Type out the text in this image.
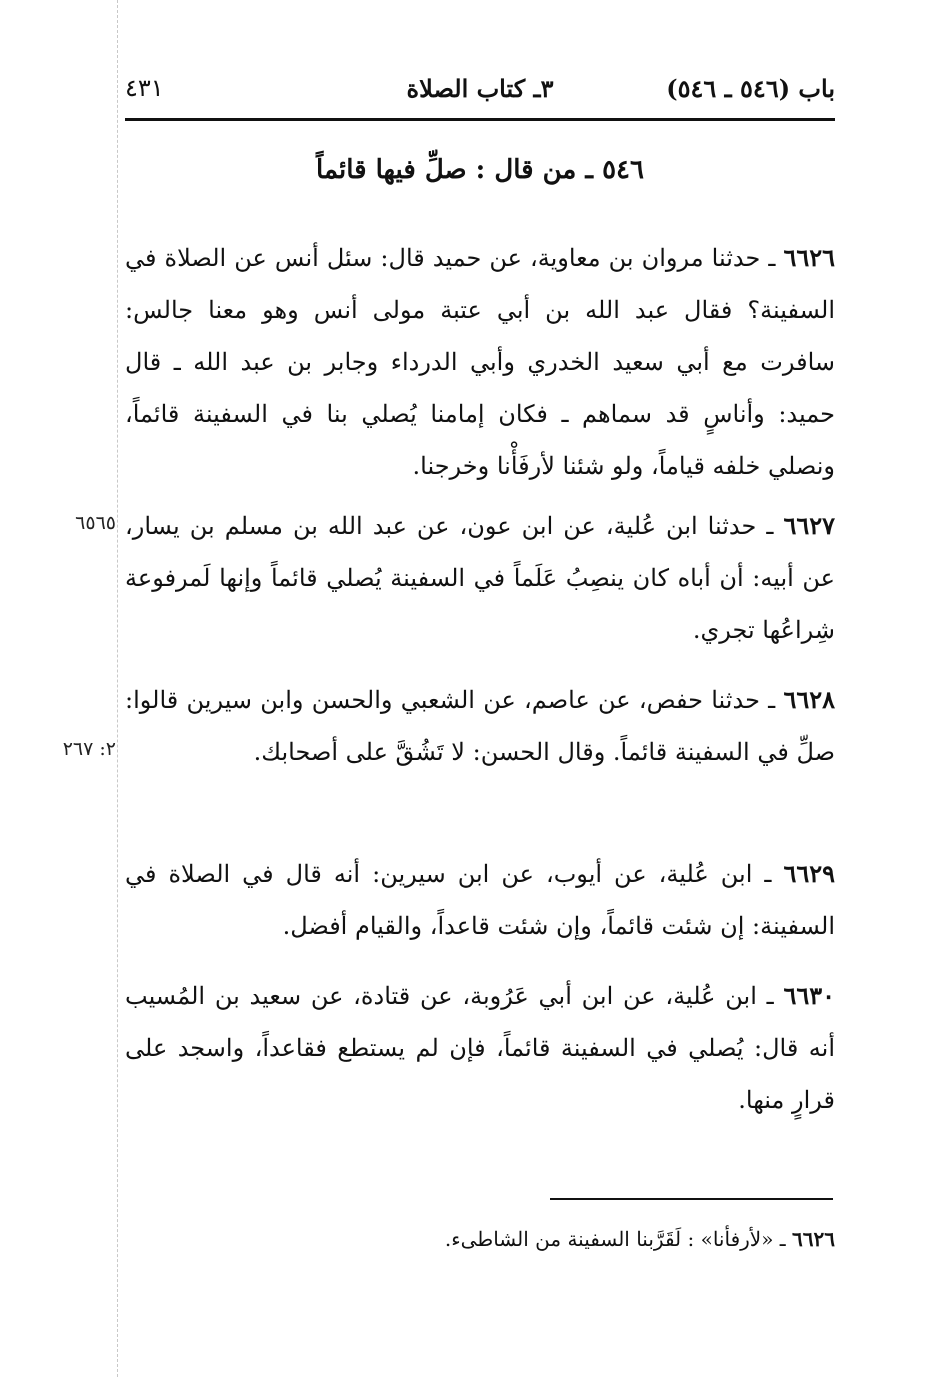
باب (٥٤٦ ـ ٥٤٦)
٣ـ كتاب الصلاة
٤٣١
٥٤٦ ـ من قال : صلِّ فيها قائماً
٦٦٢٦ ـ حدثنا مروان بن معاوية، عن حميد قال: سئل أنس عن الصلاة في السفينة؟ فقال عبد الله بن أبي عتبة مولى أنس وهو معنا جالس: سافرت مع أبي سعيد الخدري وأبي الدرداء وجابر بن عبد الله ـ قال حميد: وأناسٍ قد سماهم ـ فكان إمامنا يُصلي بنا في السفينة قائماً، ونصلي خلفه قياماً، ولو شئنا لأرفَأْنا وخرجنا.
٦٦٢٧ ـ حدثنا ابن عُلية، عن ابن عون، عن عبد الله بن مسلم بن يسار، عن أبيه: أن أباه كان ينصِبُ عَلَماً في السفينة يُصلي قائماً وإنها لَمرفوعة شِراعُها تجري.
٦٥٦٥
٦٦٢٨ ـ حدثنا حفص، عن عاصم، عن الشعبي والحسن وابن سيرين قالوا: صلِّ في السفينة قائماً. وقال الحسن: لا تَشُقَّ على أصحابك.
٢: ٢٦٧
٦٦٢٩ ـ ابن عُلية، عن أيوب، عن ابن سيرين: أنه قال في الصلاة في السفينة: إن شئت قائماً، وإن شئت قاعداً، والقيام أفضل.
٦٦٣٠ ـ ابن عُلية، عن ابن أبي عَرُوبة، عن قتادة، عن سعيد بن المُسيب أنه قال: يُصلي في السفينة قائماً، فإن لم يستطع فقاعداً، واسجد على قرارٍ منها.
٦٦٢٦ ـ «لأرفأنا» : لَقَرَّبنا السفينة من الشاطىء.
